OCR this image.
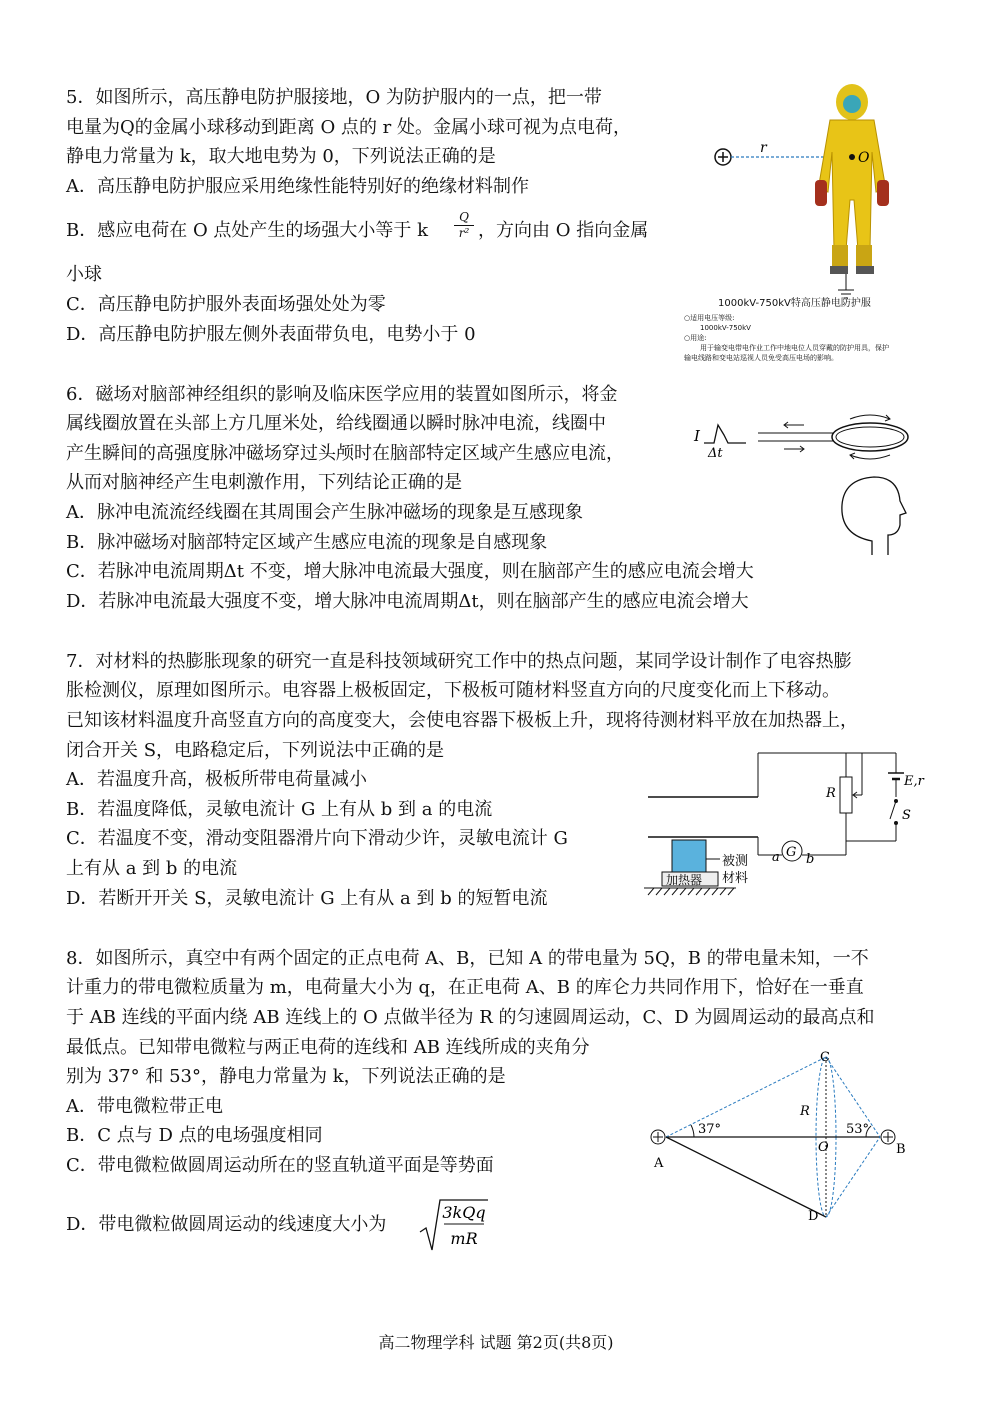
5．如图所示，高压静电防护服接地，O 为防护服内的一点，把一带
电量为Q的金属小球移动到距离 O 点的 r 处。金属小球可视为点电荷，
静电力常量为 k，取大地电势为 0，下列说法正确的是
A．高压静电防护服应采用绝缘性能特别好的绝缘材料制作
B．感应电荷在 O 点处产生的场强大小等于 k $\frac{Q}{\text{r²}}$ ，方向由 O 指向金属
小球
C．高压静电防护服外表面场强处处为零
D．高压静电防护服左侧外表面带负电，电势小于 0
r
O
1000kV-750kV特高压静电防护服
○适用电压等级:
1000kV-750kV
○用途:
用于输变电带电作业工作中地电位人员穿戴的防护用具，保护
输电线路和变电站巡视人员免受高压电场的影响。
6．磁场对脑部神经组织的影响及临床医学应用的装置如图所示，将金
属线圈放置在头部上方几厘米处，给线圈通以瞬时脉冲电流，线圈中
产生瞬间的高强度脉冲磁场穿过头颅时在脑部特定区域产生感应电流，
从而对脑神经产生电刺激作用，下列结论正确的是
A．脉冲电流流经线圈在其周围会产生脉冲磁场的现象是互感现象
B．脉冲磁场对脑部特定区域产生感应电流的现象是自感现象
C．若脉冲电流周期Δt 不变，增大脉冲电流最大强度，则在脑部产生的感应电流会增大
D．若脉冲电流最大强度不变，增大脉冲电流周期Δt，则在脑部产生的感应电流会增大
I
Δt
7．对材料的热膨胀现象的研究一直是科技领域研究工作中的热点问题，某同学设计制作了电容热膨
胀检测仪，原理如图所示。电容器上极板固定，下极板可随材料竖直方向的尺度变化而上下移动。
已知该材料温度升高竖直方向的高度变大，会使电容器下极板上升，现将待测材料平放在加热器上，
闭合开关 S，电路稳定后，下列说法中正确的是
A．若温度升高，极板所带电荷量减小
B．若温度降低，灵敏电流计 G 上有从 b 到 a 的电流
C．若温度不变，滑动变阻器滑片向下滑动少许，灵敏电流计 G
上有从 a 到 b 的电流
D．若断开开关 S，灵敏电流计 G 上有从 a 到 b 的短暂电流
R
E,r
S
a G b
被测
材料
加热器
8．如图所示，真空中有两个固定的正点电荷 A、B，已知 A 的带电量为 5Q，B 的带电量未知，一不
计重力的带电微粒质量为 m，电荷量大小为 q，在正电荷 A、B 的库仑力共同作用下，恰好在一垂直
于 AB 连线的平面内绕 AB 连线上的 O 点做半径为 R 的匀速圆周运动，C、D 为圆周运动的最高点和
最低点。已知带电微粒与两正电荷的连线和 AB 连线所成的夹角分
别为 37° 和 53°，静电力常量为 k，下列说法正确的是
A．带电微粒带正电
B．C 点与 D 点的电场强度相同
C．带电微粒做圆周运动所在的竖直轨道平面是等势面
D．带电微粒做圆周运动的线速度大小为
3kQq
mR
C
D
A
B
O
R
37°	53°
高二物理学科 试题 第2页(共8页)
